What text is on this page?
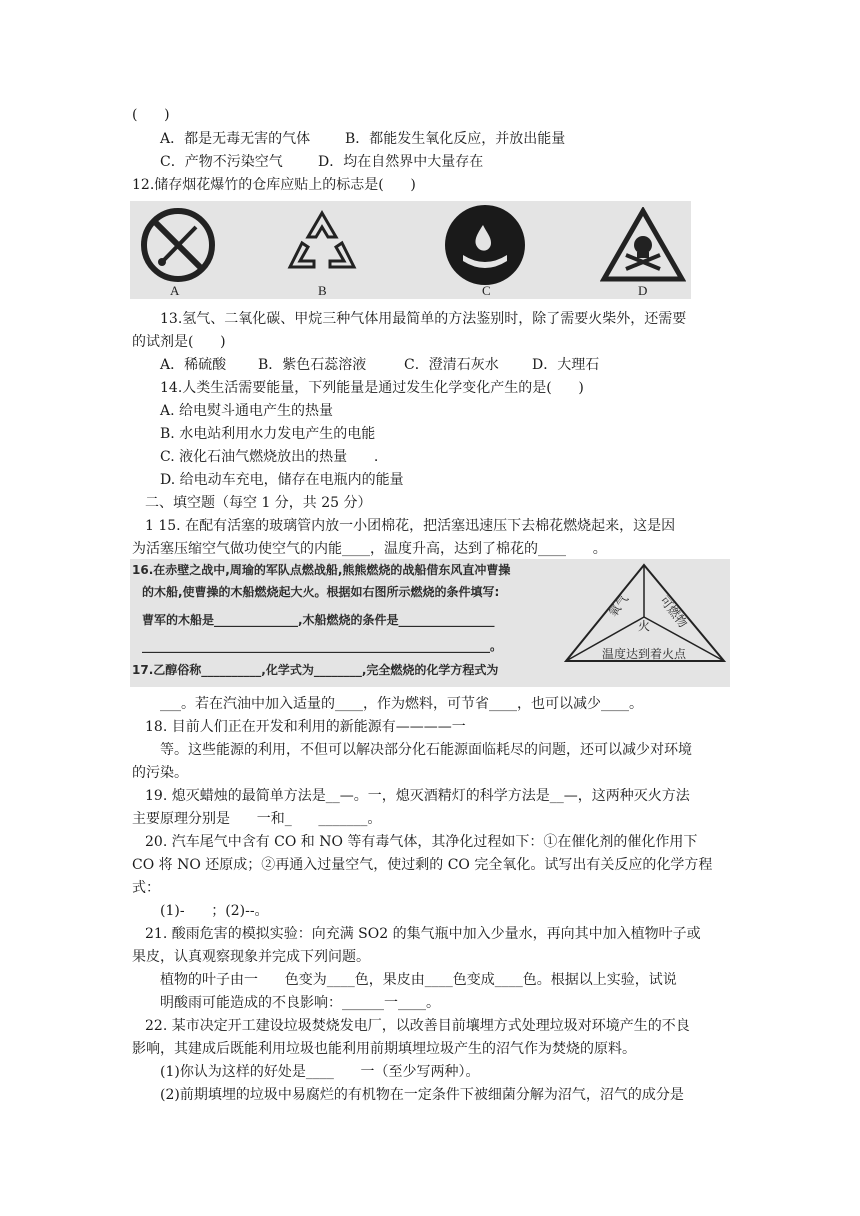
(      )
A．都是无毒无害的气体 B．都能发生氧化反应，并放出能量
C．产物不污染空气	D．均在自然界中大量存在
12.储存烟花爆竹的仓库应贴上的标志是(      )
A	B	C	D
13.氢气、二氧化碳、甲烷三种气体用最简单的方法鉴别时，除了需要火柴外，还需要
的试剂是(      )
A．稀硫酸 B．紫色石蕊溶液	C．澄清石灰水 D．大理石
14.人类生活需要能量，下列能量是通过发生化学变化产生的是(      )
A. 给电熨斗通电产生的热量
B. 水电站利用水力发电产生的电能
C. 液化石油气燃烧放出的热量      .
D. 给电动车充电，储存在电瓶内的能量
二、填空题（每空 1 分，共 25 分）
1 15. 在配有活塞的玻璃管内放一小团棉花，把活塞迅速压下去棉花燃烧起来，这是因
为活塞压缩空气做功使空气的内能____，温度升高，达到了棉花的____      。
16.在赤壁之战中,周瑜的军队点燃战船,熊熊燃烧的战船借东风直冲曹操
的木船,使曹操的木船燃烧起大火。根据如右图所示燃烧的条件填写:
曹军的木船是______________,木船燃烧的条件是________________
__________________________________________________________。
17.乙醇俗称__________,化学式为________,完全燃烧的化学方程式为
氧气 可燃物
火
温度达到着火点
___。若在汽油中加入适量的____，作为燃料，可节省____，也可以减少____。
18. 目前人们正在开发和利用的新能源有————一
等。这些能源的利用，不但可以解决部分化石能源面临耗尽的问题，还可以减少对环境
的污染。
19. 熄灭蜡烛的最简单方法是__—。一，熄灭酒精灯的科学方法是__—，这两种灭火方法
主要原理分别是      一和_      _______。
20. 汽车尾气中含有 CO 和 NO 等有毒气体，其净化过程如下：①在催化剂的催化作用下
CO 将 NO 还原成；②再通入过量空气，使过剩的 CO 完全氧化。试写出有关反应的化学方程
式：
(1)-      ；(2)--。
21. 酸雨危害的模拟实验：向充满 SO2 的集气瓶中加入少量水，再向其中加入植物叶子或
果皮，认真观察现象并完成下列问题。
植物的叶子由一      色变为____色，果皮由____色变成____色。根据以上实验，试说
明酸雨可能造成的不良影响：______一____。
22. 某市决定开工建设垃圾焚烧发电厂，以改善目前壤埋方式处理垃圾对环境产生的不良
影响，其建成后既能利用垃圾也能利用前期填埋垃圾产生的沼气作为焚烧的原料。
(1)你认为这样的好处是____      一（至少写两种）。
(2)前期填埋的垃圾中易腐烂的有机物在一定条件下被细菌分解为沼气，沼气的成分是
